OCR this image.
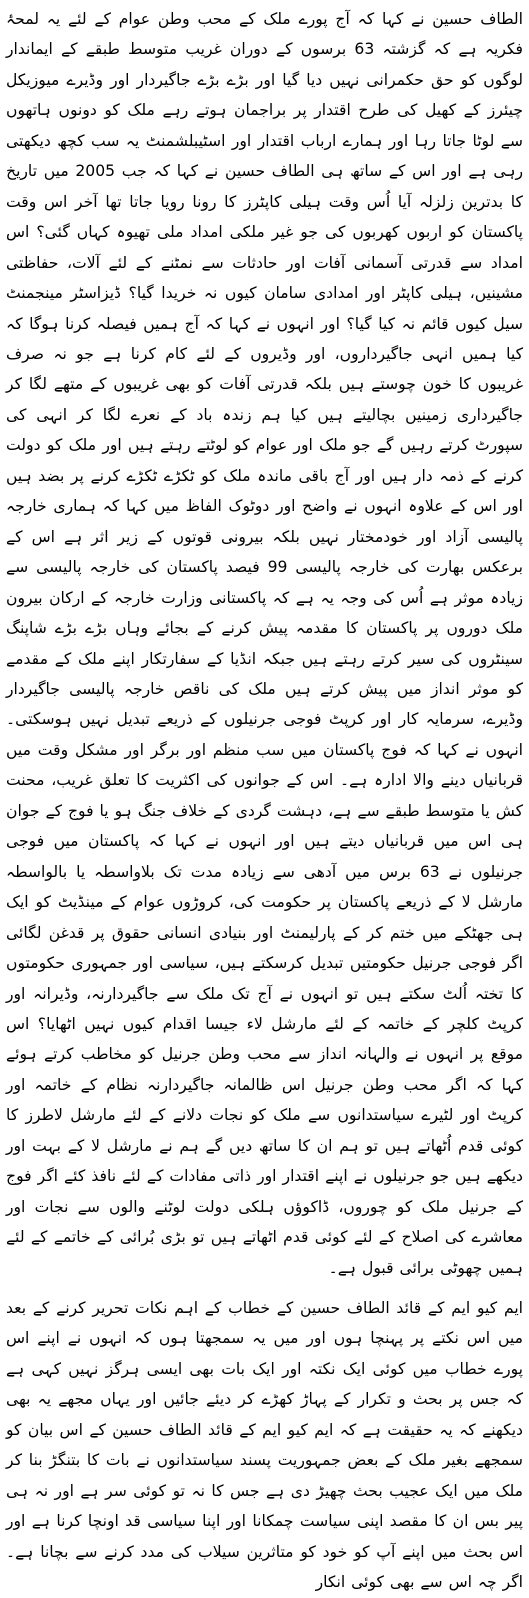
الطاف حسین نے کہا کہ آج پورے ملک کے محب وطن عوام کے لئے یہ لمحۂ فکریہ ہے کہ گزشتہ 63 برسوں کے دوران غریب متوسط طبقے کے ایماندار لوگوں کو حق حکمرانی نہیں دیا گیا اور بڑے بڑے جاگیردار اور وڈیرے میوزیکل چیئرز کے کھیل کی طرح اقتدار پر براجمان ہوتے رہے ملک کو دونوں ہاتھوں سے لوٹا جاتا رہا اور ہمارے ارباب اقتدار اور اسٹیبلشمنٹ یہ سب کچھ دیکھتی رہی ہے اور اس کے ساتھ ہی الطاف حسین نے کہا کہ جب 2005 میں تاریخ کا بدترین زلزلہ آیا اُس وقت ہیلی کاپٹرز کا رونا رویا جاتا تھا آخر اس وقت پاکستان کو اربوں کھربوں کی جو غیر ملکی امداد ملی تھیوہ کہاں گئی؟ اس امداد سے قدرتی آسمانی آفات اور حادثات سے نمٹنے کے لئے آلات، حفاظتی مشینیں، ہیلی کاپٹر اور امدادی سامان کیوں نہ خریدا گیا؟ ڈیزاسٹر مینجمنٹ سیل کیوں قائم نہ کیا گیا؟ اور انہوں نے کہا کہ آج ہمیں فیصلہ کرنا ہوگا کہ کیا ہمیں انہی جاگیرداروں، اور وڈیروں کے لئے کام کرنا ہے جو نہ صرف غریبوں کا خون چوستے ہیں بلکہ قدرتی آفات کو بھی غریبوں کے متھے لگا کر جاگیرداری زمینیں بچالیتے ہیں کیا ہم زندہ باد کے نعرے لگا کر انہی کی سپورٹ کرتے رہیں گے جو ملک اور عوام کو لوٹتے رہتے ہیں اور ملک کو دولت کرنے کے ذمہ دار ہیں اور آج باقی ماندہ ملک کو ٹکڑے ٹکڑے کرنے پر بضد ہیں اور اس کے علاوہ انہوں نے واضح اور دوٹوک الفاظ میں کہا کہ ہماری خارجہ پالیسی آزاد اور خودمختار نہیں بلکہ بیرونی قوتوں کے زیر اثر ہے اس کے برعکس بھارت کی خارجہ پالیسی 99 فیصد پاکستان کی خارجہ پالیسی سے زیادہ موثر ہے اُس کی وجہ یہ ہے کہ پاکستانی وزارت خارجہ کے ارکان بیرون ملک دوروں پر پاکستان کا مقدمہ پیش کرنے کے بجائے وہاں بڑے بڑے شاپنگ سینٹروں کی سیر کرتے رہتے ہیں جبکہ انڈیا کے سفارتکار اپنے ملک کے مقدمے کو موثر انداز میں پیش کرتے ہیں ملک کی ناقص خارجہ پالیسی جاگیردار وڈیرے، سرمایہ کار اور کرپٹ فوجی جرنیلوں کے ذریعے تبدیل نہیں ہوسکتی۔ انہوں نے کہا کہ فوج پاکستان میں سب منظم اور برگر اور مشکل وقت میں قربانیاں دینے والا ادارہ ہے۔ اس کے جوانوں کی اکثریت کا تعلق غریب، محنت کش یا متوسط طبقے سے ہے، دہشت گردی کے خلاف جنگ ہو یا فوج کے جوان ہی اس میں قربانیاں دیتے ہیں اور انہوں نے کہا کہ پاکستان میں فوجی جرنیلوں نے 63 برس میں آدھی سے زیادہ مدت تک بلاواسطہ یا بالواسطہ مارشل لا کے ذریعے پاکستان پر حکومت کی، کروڑوں عوام کے مینڈیٹ کو ایک ہی جھٹکے میں ختم کر کے پارلیمنٹ اور بنیادی انسانی حقوق پر قدغن لگائی اگر فوجی جرنیل حکومتیں تبدیل کرسکتے ہیں، سیاسی اور جمہوری حکومتوں کا تختہ اُلٹ سکتے ہیں تو انہوں نے آج تک ملک سے جاگیردارنہ، وڈیرانہ اور کرپٹ کلچر کے خاتمہ کے لئے مارشل لاء جیسا اقدام کیوں نہیں اٹھایا؟ اس موقع پر انہوں نے والہانہ انداز سے محب وطن جرنیل کو مخاطب کرتے ہوئے کہا کہ اگر محب وطن جرنیل اس ظالمانہ جاگیردارنہ نظام کے خاتمہ اور کرپٹ اور لٹیرے سیاستدانوں سے ملک کو نجات دلانے کے لئے مارشل لاطرز کا کوئی قدم اُٹھاتے ہیں تو ہم ان کا ساتھ دیں گے ہم نے مارشل لا کے بہت اور دیکھے ہیں جو جرنیلوں نے اپنے اقتدار اور ذاتی مفادات کے لئے نافذ کئے اگر فوج کے جرنیل ملک کو چوروں، ڈاکوؤں ہلکی دولت لوٹنے والوں سے نجات اور معاشرے کی اصلاح کے لئے کوئی قدم اٹھاتے ہیں تو بڑی بُرائی کے خاتمے کے لئے ہمیں چھوٹی برائی قبول ہے۔

ایم کیو ایم کے قائد الطاف حسین کے خطاب کے اہم نکات تحریر کرنے کے بعد میں اس نکتے پر پہنچا ہوں اور میں یہ سمجھتا ہوں کہ انہوں نے اپنے اس پورے خطاب میں کوئی ایک نکتہ اور ایک بات بھی ایسی ہرگز نہیں کہی ہے کہ جس پر بحث و تکرار کے پہاڑ کھڑے کر دیئے جائیں اور یہاں مجھے یہ بھی دیکھنے کہ یہ حقیقت ہے کہ ایم کیو ایم کے قائد الطاف حسین کے اس بیان کو سمجھے بغیر ملک کے بعض جمہوریت پسند سیاستدانوں نے بات کا بتنگڑ بنا کر ملک میں ایک عجیب بحث چھیڑ دی ہے جس کا نہ تو کوئی سر ہے اور نہ ہی پیر بس ان کا مقصد اپنی سیاست چمکانا اور اپنا سیاسی قد اونچا کرنا ہے اور اس بحث میں اپنے آپ کو خود کو متاثرین سیلاب کی مدد کرنے سے بچانا ہے۔ اگر چہ اس سے بھی کوئی انکار
